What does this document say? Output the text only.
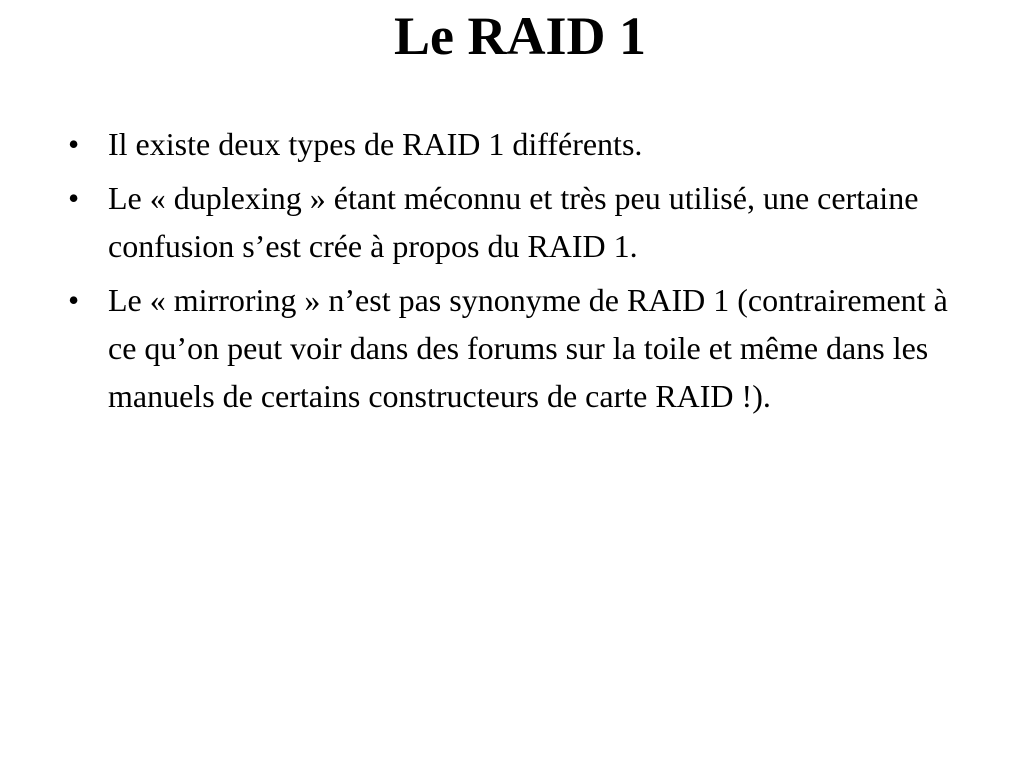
Le RAID 1
• Il existe deux types de RAID 1 différents.
• Le « duplexing » étant méconnu et très peu utilisé, une certaine confusion s’est crée à propos du RAID 1.
• Le « mirroring » n’est pas synonyme de RAID 1 (contrairement à ce qu’on peut voir dans des forums sur la toile et même dans les manuels de certains constructeurs de carte RAID !).
